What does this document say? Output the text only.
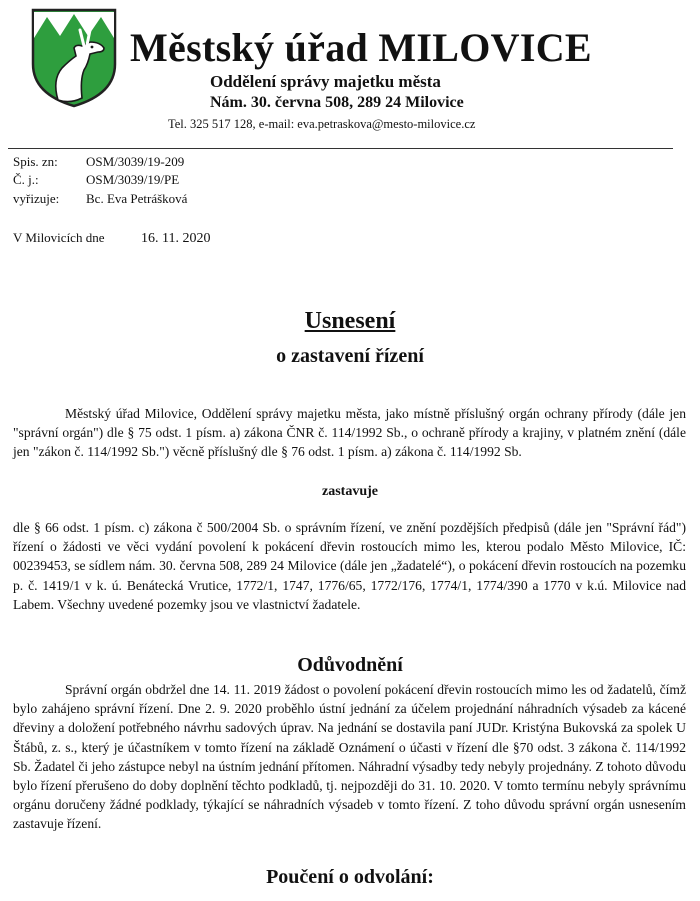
Městský úřad MILOVICE
Oddělení správy majetku města
Nám. 30. června 508, 289 24 Milovice
Tel. 325 517 128, e-mail: eva.petraskova@mesto-milovice.cz
Spis. zn: OSM/3039/19-209
Č. j.:	OSM/3039/19/PE
vyřizuje: Bc. Eva Petrášková
V Milovicích dne	16. 11. 2020
Usnesení
o zastavení řízení
Městský úřad Milovice, Oddělení správy majetku města, jako místně příslušný orgán ochrany přírody (dále jen "správní orgán") dle § 75 odst. 1 písm. a) zákona ČNR č. 114/1992 Sb., o ochraně přírody a krajiny, v platném znění (dále jen "zákon č. 114/1992 Sb.") věcně příslušný dle § 76 odst. 1 písm. a) zákona č. 114/1992 Sb.
zastavuje
dle § 66 odst. 1 písm. c) zákona č 500/2004 Sb. o správním řízení, ve znění pozdějších předpisů (dále jen "Správní řád") řízení o žádosti ve věci vydání povolení k pokácení dřevin rostoucích mimo les, kterou podalo Město Milovice, IČ: 00239453, se sídlem nám. 30. června 508, 289 24 Milovice (dále jen „žadatelé“), o pokácení dřevin rostoucích na pozemku p. č. 1419/1 v k. ú. Benátecká Vrutice, 1772/1, 1747, 1776/65, 1772/176, 1774/1, 1774/390 a 1770 v k.ú. Milovice nad Labem. Všechny uvedené pozemky jsou ve vlastnictví žadatele.
Odůvodnění
Správní orgán obdržel dne 14. 11. 2019 žádost o povolení pokácení dřevin rostoucích mimo les od žadatelů, čímž bylo zahájeno správní řízení. Dne 2. 9. 2020 proběhlo ústní jednání za účelem projednání náhradních výsadeb za kácené dřeviny a doložení potřebného návrhu sadových úprav. Na jednání se dostavila paní JUDr. Kristýna Bukovská za spolek U Štábů, z. s., který je účastníkem v tomto řízení na základě Oznámení o účasti v řízení dle §70 odst. 3 zákona č. 114/1992 Sb. Žadatel či jeho zástupce nebyl na ústním jednání přítomen. Náhradní výsadby tedy nebyly projednány. Z tohoto důvodu bylo řízení přerušeno do doby doplnění těchto podkladů, tj. nejpozději do 31. 10. 2020. V tomto termínu nebyly správnímu orgánu doručeny žádné podklady, týkající se náhradních výsadeb v tomto řízení. Z toho důvodu správní orgán usnesením zastavuje řízení.
Poučení o odvolání:
